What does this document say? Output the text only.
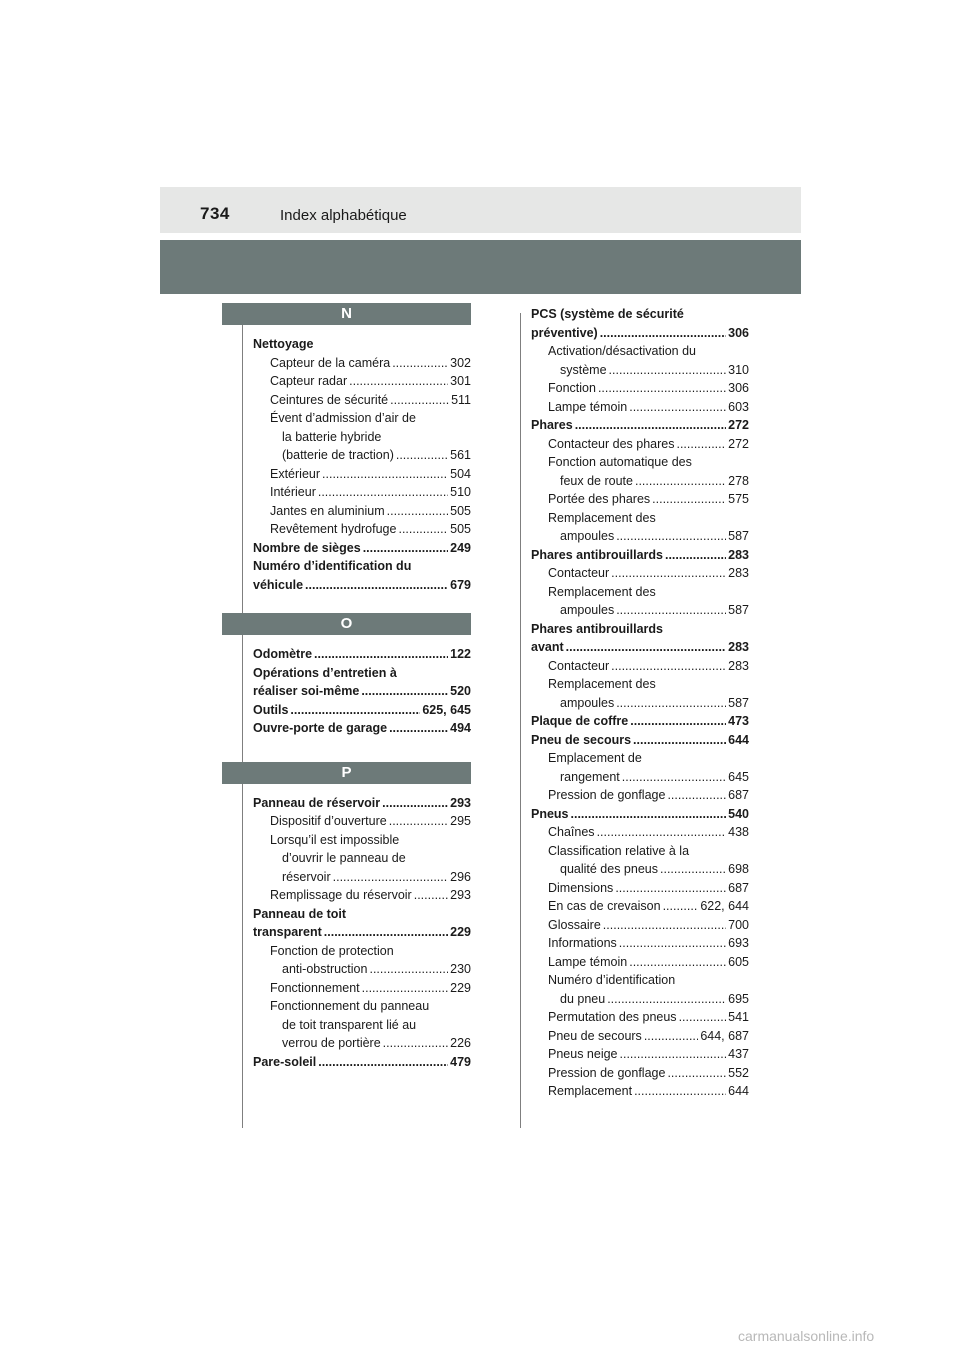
734	Index alphabétique
N
Nettoyage
Capteur de la caméra .....	302
Capteur radar .....	301
Ceintures de sécurité .....	511
Évent d’admission d’air de
la batterie hybride
(batterie de traction) .....	561
Extérieur .....	504
Intérieur .....	510
Jantes en aluminium .....	505
Revêtement hydrofuge .....	505
Nombre de sièges .....	249
Numéro d’identification du
véhicule .....	679
O
Odomètre .....	122
Opérations d’entretien à
réaliser soi-même .....	520
Outils .....	625, 645
Ouvre-porte de garage .....	494
P
Panneau de réservoir .....	293
Dispositif d’ouverture .....	295
Lorsqu’il est impossible
d’ouvrir le panneau de
réservoir .....	296
Remplissage du réservoir .....	293
Panneau de toit
transparent .....	229
Fonction de protection
anti-obstruction .....	230
Fonctionnement .....	229
Fonctionnement du panneau
de toit transparent lié au
verrou de portière .....	226
Pare-soleil .....	479
PCS (système de sécurité
préventive) .....	306
Activation/désactivation du
système .....	310
Fonction .....	306
Lampe témoin .....	603
Phares .....	272
Contacteur des phares .....	272
Fonction automatique des
feux de route .....	278
Portée des phares .....	575
Remplacement des
ampoules .....	587
Phares antibrouillards .....	283
Contacteur .....	283
Remplacement des
ampoules .....	587
Phares antibrouillards
avant .....	283
Contacteur .....	283
Remplacement des
ampoules .....	587
Plaque de coffre .....	473
Pneu de secours .....	644
Emplacement de
rangement .....	645
Pression de gonflage .....	687
Pneus .....	540
Chaînes .....	438
Classification relative à la
qualité des pneus .....	698
Dimensions .....	687
En cas de crevaison .....	622, 644
Glossaire .....	700
Informations .....	693
Lampe témoin .....	605
Numéro d’identification
du pneu .....	695
Permutation des pneus .....	541
Pneu de secours .....	644, 687
Pneus neige .....	437
Pression de gonflage .....	552
Remplacement .....	644
carmanualsonline.info
